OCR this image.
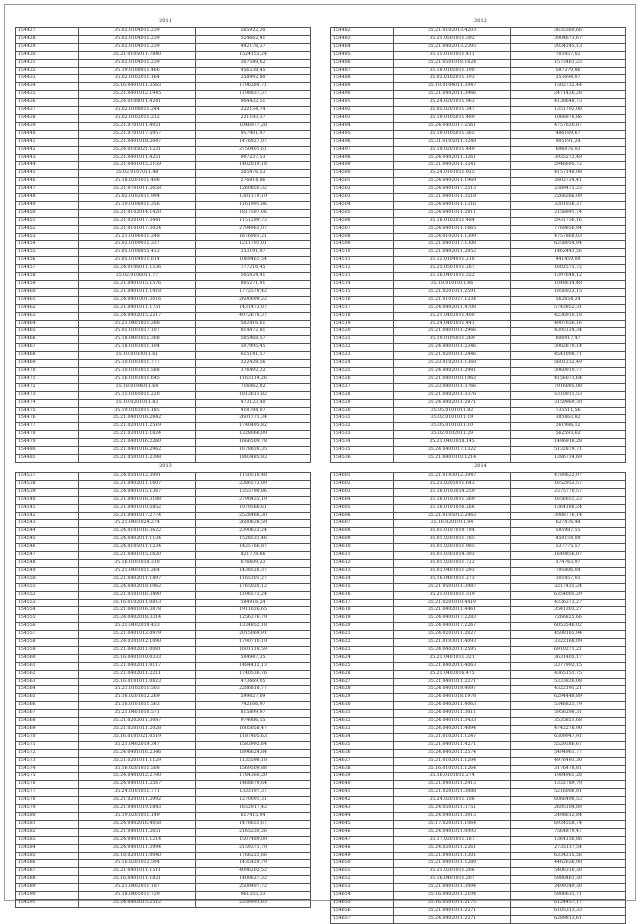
2011
154427	35.02.0104011.239	565922,30
154428	35.02.0104011.239	524662,41
154429	35.02.0104011.239	492178,37
154430	35.21.0105011.7840	1524153,24
154431	35.02.0104011.239	307549,62
154432	35.19.0108011.466	456238,45
154433	35.02.0102011.164	258992,80
154434	35.16.0401011.3563	1796289,71
154435	35.21.0401012.1945	1198837,37
154436	35.24.0108011.4241	904433,51
154437	35.02.0108011.244	222134,74
154438	35.02.0102011.212	231193,37
154439	35.21.0701011.4021	1046977,28
154440	35.21.0701017.5957	957401,97
154441	35.21.0401018.2047	1476927,07
154442	35.24.0105021.1231	2750401,61
154443	35.21.0401011.4251	907237,53
154444	35.21.0401015.2159	1402019,18
154445	35.02.0107011.48	265476,53
154446	35.18.0201011.408	276814,86
154447	35.21.0701011.2658	1260850,32
154448	35.02.0102011.994	1301179,19
154449	35.19.0108011.356	1161991,86
154450	35.21.0102014.1420	1817597,66
154451	35.21.0201017.3441	1151299,73
154452	35.21.0101017.3024	2794961,07
154453	35.21.0106011.248	1676981,21
154454	35.02.0109011.337	1211791,01
154455	35.05.0108015.453	253191,97
154456	35.05.0104011.614	1069461,54
154457	35.24.0106011.1536	777216,45
154458	35.02.0106011.77	505024,41
154459	35.21.0401015.1576	805271,91
154460	35.21.0401011.1418	1772579,42
154461	35.24.0401001.3016	2600099,22
154462	35.21.0401011.1751	1431473,07
154463	35.24.0402015.2217	4972678,37
154464	35.21.0401011.288	502416,61
154465	35.01.0101017.107	814472,81
154466	35.18.0401011.308	505468,57
154467	35.18.0103011.104	507995,45
154468	35.10.0103011.61	615141,57
154469	35.10.0103011.777	322428,56
154470	35.10.0103011.588	376492,32
154471	35.16.0103011.645	1163114,26
154472	35.18.0104011.64	716062,82
154473	35.15.0105011.220	1813611,82
154474	35.10.0201011.83	473123,40
154475	35.19.0102011.185	418784,07
154476	35.21.0401016.2842	2601771,34
154477	35.21.0201011.2519	1740495,82
154478	35.21.0201011.1824	1328066,09
154479	35.21.0401016.2260	1666509,78
154480	35.21.0401016.2962	1678839,35
154481	35.21.0501011.2398	1883485,83
2012
154482	35.21.0102013.4203	3635360,66
154483	35.21.0501011.392	3904673,67
154484	35.21.0402013.2395	2034245,13
154485	35.15.0101011.411	705457,02
154486	35.21.0501018.1624	1573461,23
154487	35.18.0105011.190	587279,86
154488	35.02.0102011.193	353694,07
154489	35.10.0104011.3947	1582732,44
154490	35.21.0402011.3966	2471426,28
154491	35.24.0201011.963	4138648,73
154492	35.05.0201011.347	1351792,08
154493	35.19.0105011.489	1068976,86
154494	35.24.0401017.2561	4757620,87
154495	35.19.0105011.365	486169,67
154496	35.31.0105011.3248	905191,24
154497	35.19.0201011.449	696076,03
154498	35.24.0402011.3261	3935272,49
154499	35.21.0402011.3241	2946695,72
154500	35.24.0101011.925	4157148,98
154501	35.24.0402011.1969	2802724,41
154502	35.24.0401017.2513	2389475,23
154503	35.21.0401011.3518	2268266,09
154504	35.24.0401011.1316	3301036,37
154505	35.24.0401011.2811	2158991,74
154506	35.16.0102011.484	2931756,16
154507	35.24.0401011.1665	7769856,94
154508	35.24.0102011.1309	4757868,03
154509	35.21.0401017.1308	6258054,94
154510	35.21.0402011.2852	1462443,56
154511	35.12.0104011.218	441459,09
154512	35.25.0501011.267	1602575,72
154513	35.16.0401011.322	1397648,12
154514	35.18.0101011.66	1048614,48
154515	35.21.0201011.2591	1856923,15
154516	35.21.0101027.1234	562654,24
154517	35.24.0402011.4708	5743852,31
154518	35.21.0402011.400	4236910,18
154519	35.24.0401011.441	4907656,16
154520	35.21.0401011.2966	4395124,34
154521	35.19.0105011.269	606917,47
154522	35.24.0401011.2346	3982879,14
154523	35.21.0201011.2446	4541098,71
154524	35.23.0102011.1368	5601232,49
154525	35.24.0402011.2981	3960919,77
154526	35.21.0401010.1962	4156073,64
154527	35.23.0401011.3766	7916085,08
154528	35.21.0402011.3376	5310911,53
154529	35.24.0402011.2871	3159969,39
154530	35.05.0101011.82	735511,56
154531	35.02.0101011.19	385863,82
154532	35.05.0101011.10	261986,12
154533	35.02.0102011.29	562593,62
154534	35.21.0401018.145	1496916,28
154535	35.24.0401017.1322	5132879,71
154536	35.21.0401010.1214	1386734,69
2013
154537	35.24.0501012.3091	1150510,48
154538	35.21.0402011.1607	2386573,09
154539	35.24.0401015.1367	1353790,86
154540	35.21.0401016.3188	2790435,19
154541	35.21.0401010.5852	1979566,61
154542	35.21.0401017.2774	2528466,30
154543	35.21.0401024.274	2680638,59
154544	35.24.0101016.3622	2390633,24
154545	35.24.0402011.1124	1528531,46
154546	35.24.0105011.1234	1425766,87
154547	35.21.0401015.1620	821778,66
154548	35.16.0101018.310	676609,23
154549	35.21.0401011.264	1438526,37
154550	35.21.0402011.1897	1165301,27
154551	35.24.0402018.1062	1765020,12
154552	35.21.0501016.3490	1196573,24
154553	35.16.0102011.0813	594916,24
154554	35.21.0401016.3878	1911026,65
154555	35.24.0402018.3314	1256376,79
154556	35.21.0402019.433	1334852,18
154557	35.21.0401013.0979	2015069,91
154558	35.24.0201012.1090	1790710,19
154559	35.21.0402011.0081	1601118,59
154560	35.16.0401010.0333	504947,35
154561	35.21.0402011.0117	1484412,13
154562	35.21.0402011.2211	1740536,76
154563	35.16.0101011.0823	473669,05
154564	35.21.0102011.503	2286818,77
154565	35.16.0201012.269	599827,09
154566	35.16.0101011.563	742166,97
154567	35.21.0401010.571	815899,97
154568	35.21.0202011.3087	974006,55
154569	35.21.0201011.2028	1605058,47
154570	35.16.0101021.0519	1187405,63
154571	35.21.0402019.347	1583992,64
154572	35.24.0401016.2346	1896624,84
154573	35.21.0201011.1129	1135598,18
154574	35.16.0201011.508	1569509,88
154575	35.24.0401012.2790	1784360,20
154576	35.24.0401011.2567	1468679,64
154577	35.24.0101011.771	1333197,37
154578	35.21.0201011.2992	1270091,31
154579	35.21.0401019.1843	1652917,42
154580	35.19.0201011.149	617415,94
154581	35.24.0402016.4058	1478651,67
154582	35.21.0401011.2651	2165230,26
154583	35.24.0401011.1214	1507489,09
154584	35.24.0401011.3994	2159371,79
154585	35.18.0201011.0040	1766221,66
154586	35.16.0201012.594	1435429,79
154587	35.21.0401011.1511	4096202,52
154588	35.16.0401011.1821	1400627,32
154589	35.21.0402011.187	2509497,72
154590	35.18.0405011.729	961355,33
154591	35.24.0402015.2512	2338993,63
2014
154601	35.21.0103012.3947	4789622,97
154602	35.23.0205011.643	1652952,57
154603	35.16.0103014.259	2375770,57
154604	35.16.0103011.369	1656651,23
154605	35.16.0101016.266	1364166,24
154606	35.21.0105012.2963	3988776,14
154607	35.16.0201011.94	627476,44
154608	35.01.0107019.794	585987,55
154609	35.01.0201011.785	450154,09
154610	35.01.0201011.985	537775,57
154611	35.01.0301014.303	1649856,07
154612	35.01.0201011.722	374763,97
154613	35.01.0401011.293	795806,04
154614	35.16.0401011.273	305457,03
154615	35.21.0501011.3987	3217431,24
154616	35.21.0101011.319	6354005,29
154617	35.21.0201010.4419	4336373,27
154618	35.21.0402011.4461	3541303,27
154619	35.24.0401017.2283	7266825,66
154620	35.24.0401017.2267	6053546,02
154621	35.24.0201011.2027	4598165,94
154622	35.21.0103011.4093	3322168,09
154623	35.24.0402011.2595	6910271,21
154624	35.21.0401011.321	3631405,17
154625	35.21.0402011.4063	3377992,15
154626	35.21.0402016.475	4365151,75
154627	35.21.0401011.2271	5333826,08
154628	35.24.0401019.4097	4322191,21
154629	35.24.0401018.1978	6294448,89
154630	35.24.0402011.4063	5346821,79
154631	35.24.0401011.3011	5956298,31
154632	35.24.0401011.3433	3535851,68
154633	35.24.0402011.4094	4742276,90
154634	35.21.0102011.1247	6309947,91
154635	35.21.0401011.4271	5529386,67
154636	35.24.0402011.2574	5494961,77
154637	35.21.0102011.1204	4976493,30
154638	35.16.0101011.1264	3176478,81
154639	35.16.0101011.274	1984961,28
154640	35.21.0401011.2413	1332789,79
154641	35.21.0201011.3088	5216006,01
154642	35.24.0201011.106	6066498,53
154643	35.24.0501011.3751	2695104,89
154644	35.24.0401011.3913	2498612,84
154645	35.17.0201011.1064	6934558,74
154646	35.24.0401011.0993	7564879,47
154647	35.17.0201011.167	1364156,86
154648	35.24.0201011.2261	2735117,54
154649	35.21.0401011.1301	6334215,56
154650	35.21.0401011.1289	4462636,90
154651	35.21.0201011.206	5406316,30
154652	35.16.0401011.207	5980461,30
154653	35.21.0401011.3094	2499349,30
154654	35.16.0402011.2104	5986631,71
154655	35.16.0501011.2175	6124457,17
154656	35.21.0401011.2271	6105313,33
154657	35.24.0402011.2271	6289813,61
